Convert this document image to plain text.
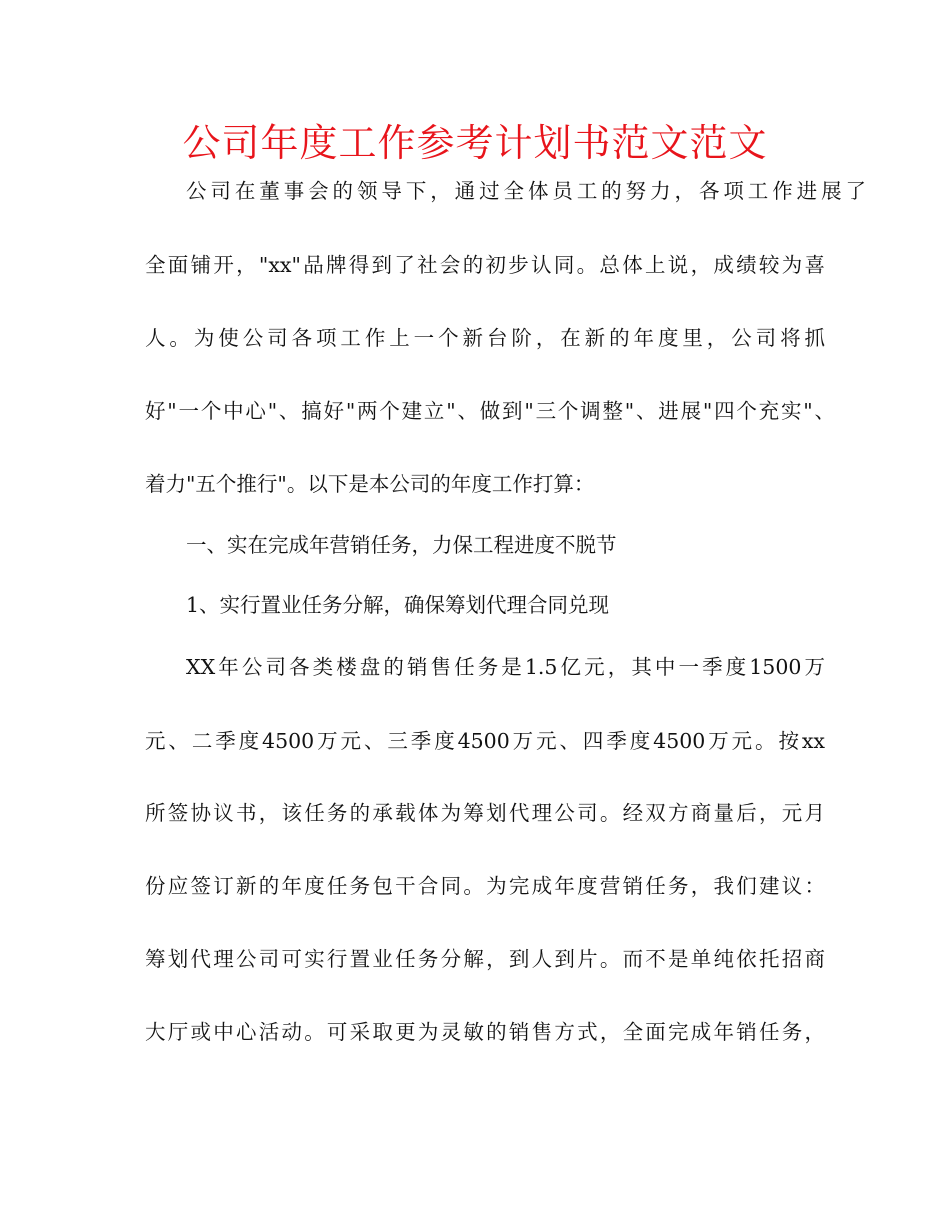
公司年度工作参考计划书范文范文

公司在董事会的领导下，通过全体员工的努力，各项工作进展了

全面铺开，"xx"品牌得到了社会的初步认同。总体上说，成绩较为喜

人。为使公司各项工作上一个新台阶，在新的年度里，公司将抓

好"一个中心"、搞好"两个建立"、做到"三个调整"、进展"四个充实"、

着力"五个推行"。以下是本公司的年度工作打算：

一、实在完成年营销任务，力保工程进度不脱节

1、实行置业任务分解，确保筹划代理合同兑现

XX年公司各类楼盘的销售任务是1.5亿元，其中一季度1500万

元、二季度4500万元、三季度4500万元、四季度4500万元。按xx

所签协议书，该任务的承载体为筹划代理公司。经双方商量后，元月

份应签订新的年度任务包干合同。为完成年度营销任务，我们建议：

筹划代理公司可实行置业任务分解，到人到片。而不是单纯依托招商

大厅或中心活动。可采取更为灵敏的销售方式，全面完成年销任务，
